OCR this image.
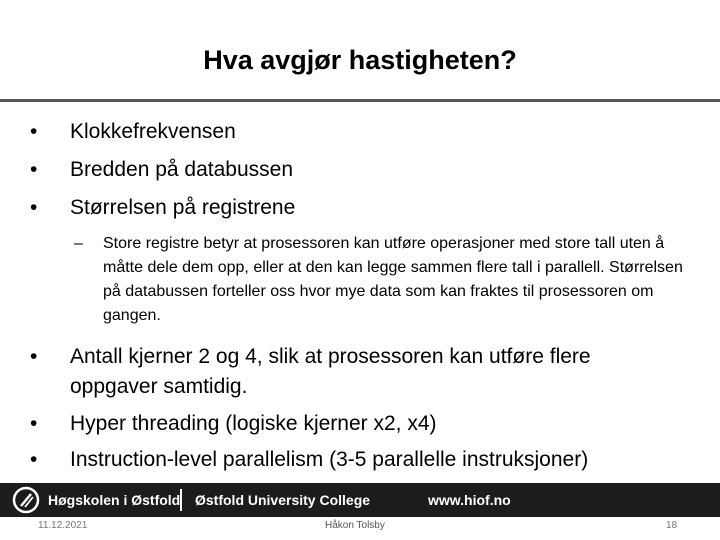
Hva avgjør hastigheten?
• Klokkefrekvensen
• Bredden på databussen
• Størrelsen på registrene
– Store registre betyr at prosessoren kan utføre operasjoner med store tall uten å måtte dele dem opp, eller at den kan legge sammen flere tall i parallell. Størrelsen på databussen forteller oss hvor mye data som kan fraktes til prosessoren om gangen.
• Antall kjerner 2 og 4, slik at prosessoren kan utføre flere oppgaver samtidig.
• Hyper threading (logiske kjerner x2, x4)
• Instruction-level parallelism (3-5 parallelle instruksjoner)
Høgskolen i Østfold Østfold University College	www.hiof.no
11.12.2021	Håkon Tolsby	18
